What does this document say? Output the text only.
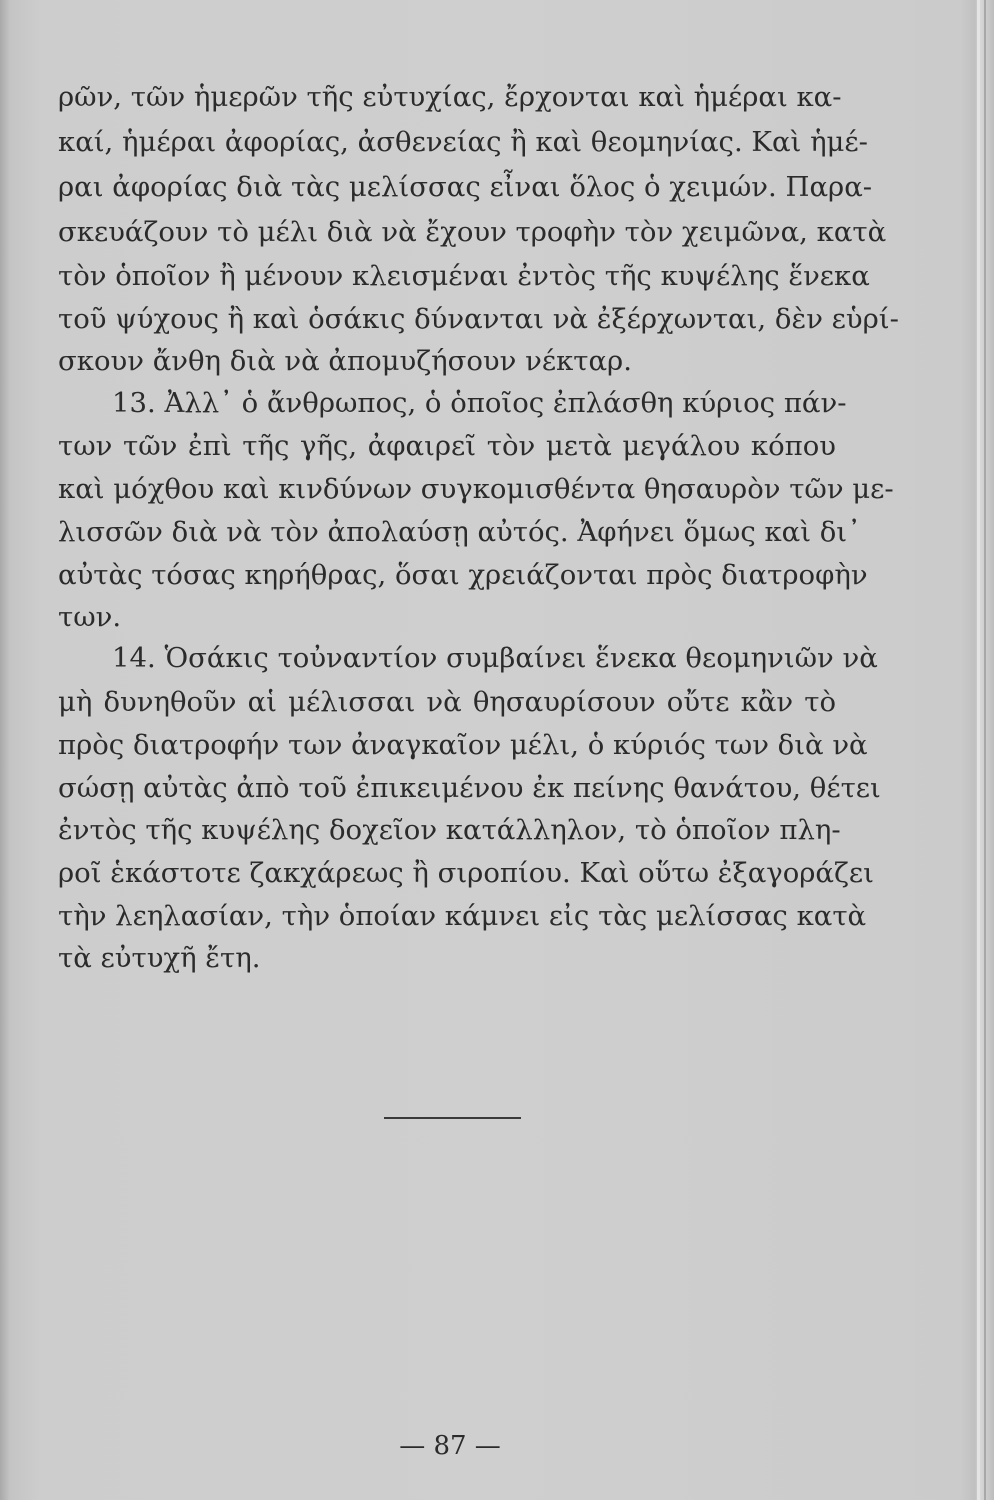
ρῶν, τῶν ἡμερῶν τῆς εὐτυχίας, ἔρχονται καὶ ἡμέραι κα-
καί, ἡμέραι ἀφορίας, ἀσθενείας ἢ καὶ θεομηνίας. Καὶ ἡμέ-
ραι ἀφορίας διὰ τὰς μελίσσας εἶναι ὅλος ὁ χειμών. Παρα-
σκευάζουν τὸ μέλι διὰ νὰ ἔχουν τροφὴν τὸν χειμῶνα, κατὰ
τὸν ὁποῖον ἢ μένουν κλεισμέναι ἐντὸς τῆς κυψέλης ἕνεκα
τοῦ ψύχους ἢ καὶ ὁσάκις δύνανται νὰ ἐξέρχωνται, δὲν εὑρί-
σκουν ἄνθη διὰ νὰ ἀπομυζήσουν νέκταρ.
13. Ἀλλ᾽ ὁ ἄνθρωπος, ὁ ὁποῖος ἐπλάσθη κύριος πάν-
των τῶν ἐπὶ τῆς γῆς, ἀφαιρεῖ τὸν μετὰ μεγάλου κόπου
καὶ μόχθου καὶ κινδύνων συγκομισθέντα θησαυρὸν τῶν με-
λισσῶν διὰ νὰ τὸν ἀπολαύσῃ αὐτός. Ἀφήνει ὅμως καὶ δι᾽
αὐτὰς τόσας κηρήθρας, ὅσαι χρειάζονται πρὸς διατροφὴν
των.
14. Ὁσάκις τοὐναντίον συμβαίνει ἕνεκα θεομηνιῶν νὰ
μὴ δυνηθοῦν αἱ μέλισσαι νὰ θησαυρίσουν οὔτε κἂν τὸ
πρὸς διατροφήν των ἀναγκαῖον μέλι, ὁ κύριός των διὰ νὰ
σώσῃ αὐτὰς ἀπὸ τοῦ ἐπικειμένου ἐκ πείνης θανάτου, θέτει
ἐντὸς τῆς κυψέλης δοχεῖον κατάλληλον, τὸ ὁποῖον πλη-
ροῖ ἑκάστοτε ζακχάρεως ἢ σιροπίου. Καὶ οὕτω ἐξαγοράζει
τὴν λεηλασίαν, τὴν ὁποίαν κάμνει εἰς τὰς μελίσσας κατὰ
τὰ εὐτυχῆ ἔτη.
— 87 —
